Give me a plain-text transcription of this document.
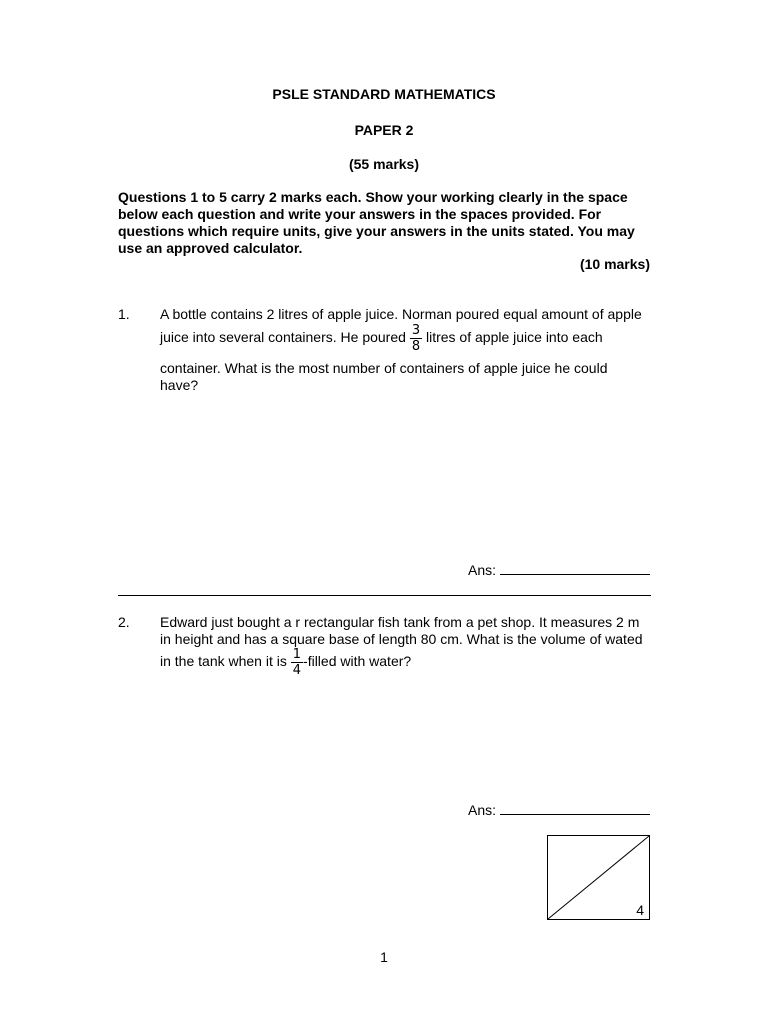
PSLE STANDARD MATHEMATICS
PAPER 2
(55 marks)
Questions 1 to 5 carry 2 marks each. Show your working clearly in the space
below each question and write your answers in the spaces provided. For
questions which require units, give your answers in the units stated. You may
use an approved calculator.
(10 marks)
1. A bottle contains 2 litres of apple juice. Norman poured equal amount of apple
juice into several containers. He poured $\frac{3}{8}$ litres of apple juice into each
container. What is the most number of containers of apple juice he could
have?
Ans:
2. Edward just bought a r rectangular fish tank from a pet shop. It measures 2 m
in height and has a square base of length 80 cm. What is the volume of wated
in the tank when it is $\frac{1}{4}$ -filled with water?
Ans:
4
1
